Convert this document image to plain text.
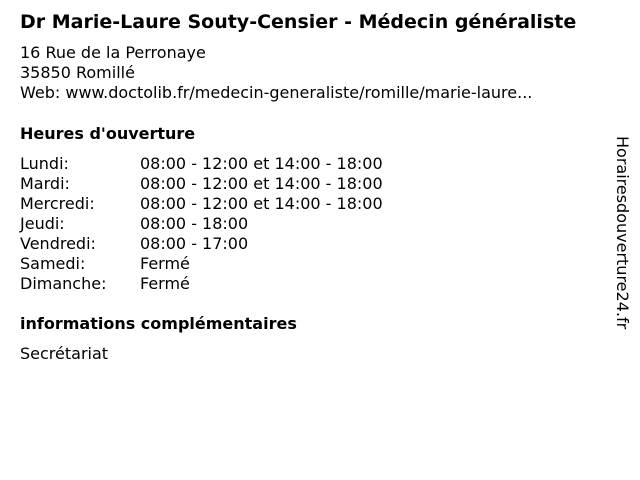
Dr Marie-Laure Souty-Censier - Médecin généraliste
16 Rue de la Perronaye
35850 Romillé
Web: www.doctolib.fr/medecin-generaliste/romille/marie-laure...
Heures d'ouverture
Lundi:	08:00 - 12:00 et 14:00 - 18:00
Mardi:	08:00 - 12:00 et 14:00 - 18:00
Mercredi:	08:00 - 12:00 et 14:00 - 18:00
Jeudi:	08:00 - 18:00
Vendredi:	08:00 - 17:00
Samedi:	Fermé
Dimanche: Fermé
informations complémentaires
Secrétariat
Horairesdouverture24.fr
